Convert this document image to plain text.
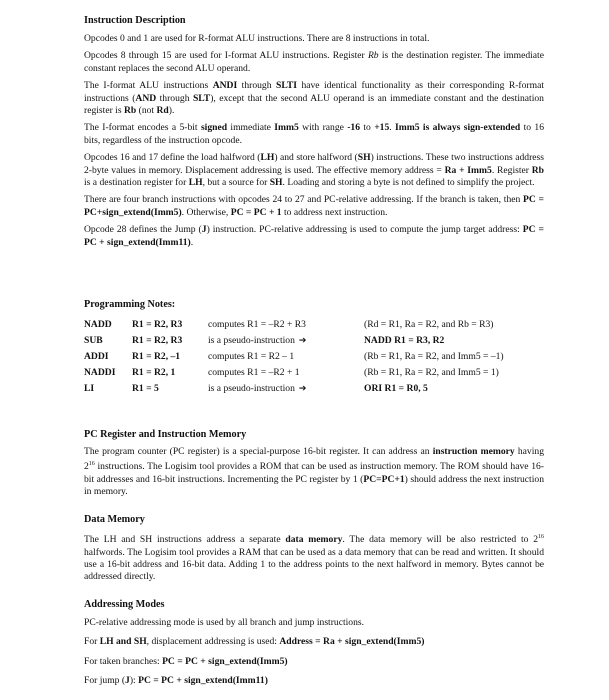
Instruction Description

Opcodes 0 and 1 are used for R-format ALU instructions. There are 8 instructions in total.

Opcodes 8 through 15 are used for I-format ALU instructions. Register Rb is the destination register. The immediate constant replaces the second ALU operand.

The I-format ALU instructions ANDI through SLTI have identical functionality as their corresponding R-format instructions (AND through SLT), except that the second ALU operand is an immediate constant and the destination register is Rb (not Rd).

The I-format encodes a 5-bit signed immediate Imm5 with range -16 to +15. Imm5 is always sign-extended to 16 bits, regardless of the instruction opcode.

Opcodes 16 and 17 define the load halfword (LH) and store halfword (SH) instructions. These two instructions address 2-byte values in memory. Displacement addressing is used. The effective memory address = Ra + Imm5. Register Rb is a destination register for LH, but a source for SH. Loading and storing a byte is not defined to simplify the project.

There are four branch instructions with opcodes 24 to 27 and PC-relative addressing. If the branch is taken, then PC = PC+sign_extend(Imm5). Otherwise, PC = PC + 1 to address next instruction.

Opcode 28 defines the Jump (J) instruction. PC-relative addressing is used to compute the jump target address: PC = PC + sign_extend(Imm11).

Programming Notes:
NADD	R1 = R2, R3	computes R1 = –R2 + R3	(Rd = R1, Ra = R2, and Rb = R3)
SUB	R1 = R2, R3	is a pseudo-instruction ➔	NADD R1 = R3, R2
ADDI	R1 = R2, –1	computes R1 = R2 – 1	(Rb = R1, Ra = R2, and Imm5 = –1)
NADDI	R1 = R2, 1	computes R1 = –R2 + 1	(Rb = R1, Ra = R2, and Imm5 = 1)
LI	R1 = 5	is a pseudo-instruction ➔	ORI R1 = R0, 5
PC Register and Instruction Memory

The program counter (PC register) is a special-purpose 16-bit register. It can address an instruction memory having $2^{16}$ instructions. The Logisim tool provides a ROM that can be used as instruction memory. The ROM should have 16-bit addresses and 16-bit instructions. Incrementing the PC register by 1 (PC=PC+1) should address the next instruction in memory.

Data Memory

The LH and SH instructions address a separate data memory. The data memory will be also restricted to $2^{16}$ halfwords. The Logisim tool provides a RAM that can be used as a data memory that can be read and written. It should use a 16-bit address and 16-bit data. Adding 1 to the address points to the next halfword in memory. Bytes cannot be addressed directly.

Addressing Modes

PC-relative addressing mode is used by all branch and jump instructions.

For LH and SH, displacement addressing is used: Address = Ra + sign_extend(Imm5)

For taken branches: PC = PC + sign_extend(Imm5)

For jump (J): PC = PC + sign_extend(Imm11)
